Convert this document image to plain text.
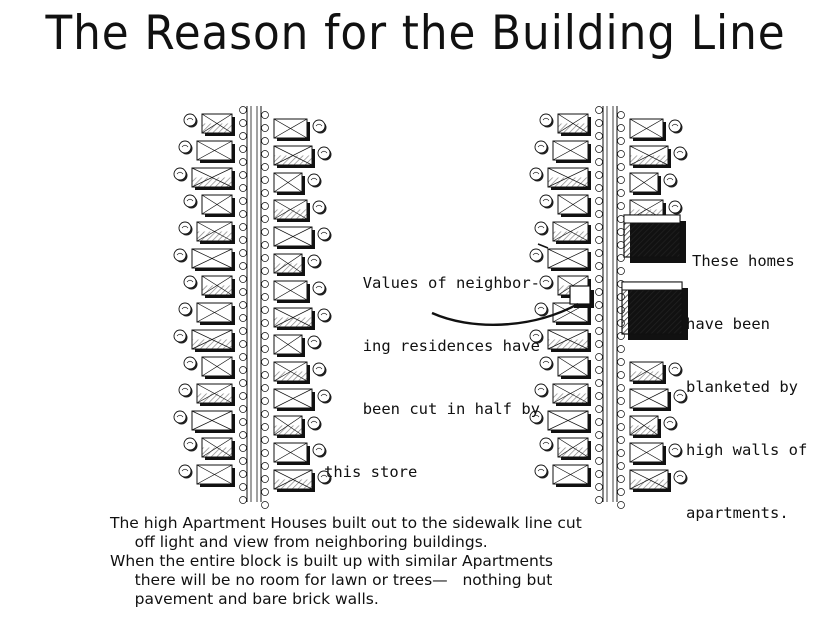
The Reason for the Building Line

Values of neighbor-

ing residences have

been cut in half by

this store

These homes

have been

blanketed by

high walls of

apartments.

The high Apartment Houses built out to the sidewalk line cut
off light and view from neighboring buildings.
When the entire block is built up with similar Apartments
there will be no room for lawn or trees—   nothing but
pavement and bare brick walls.
